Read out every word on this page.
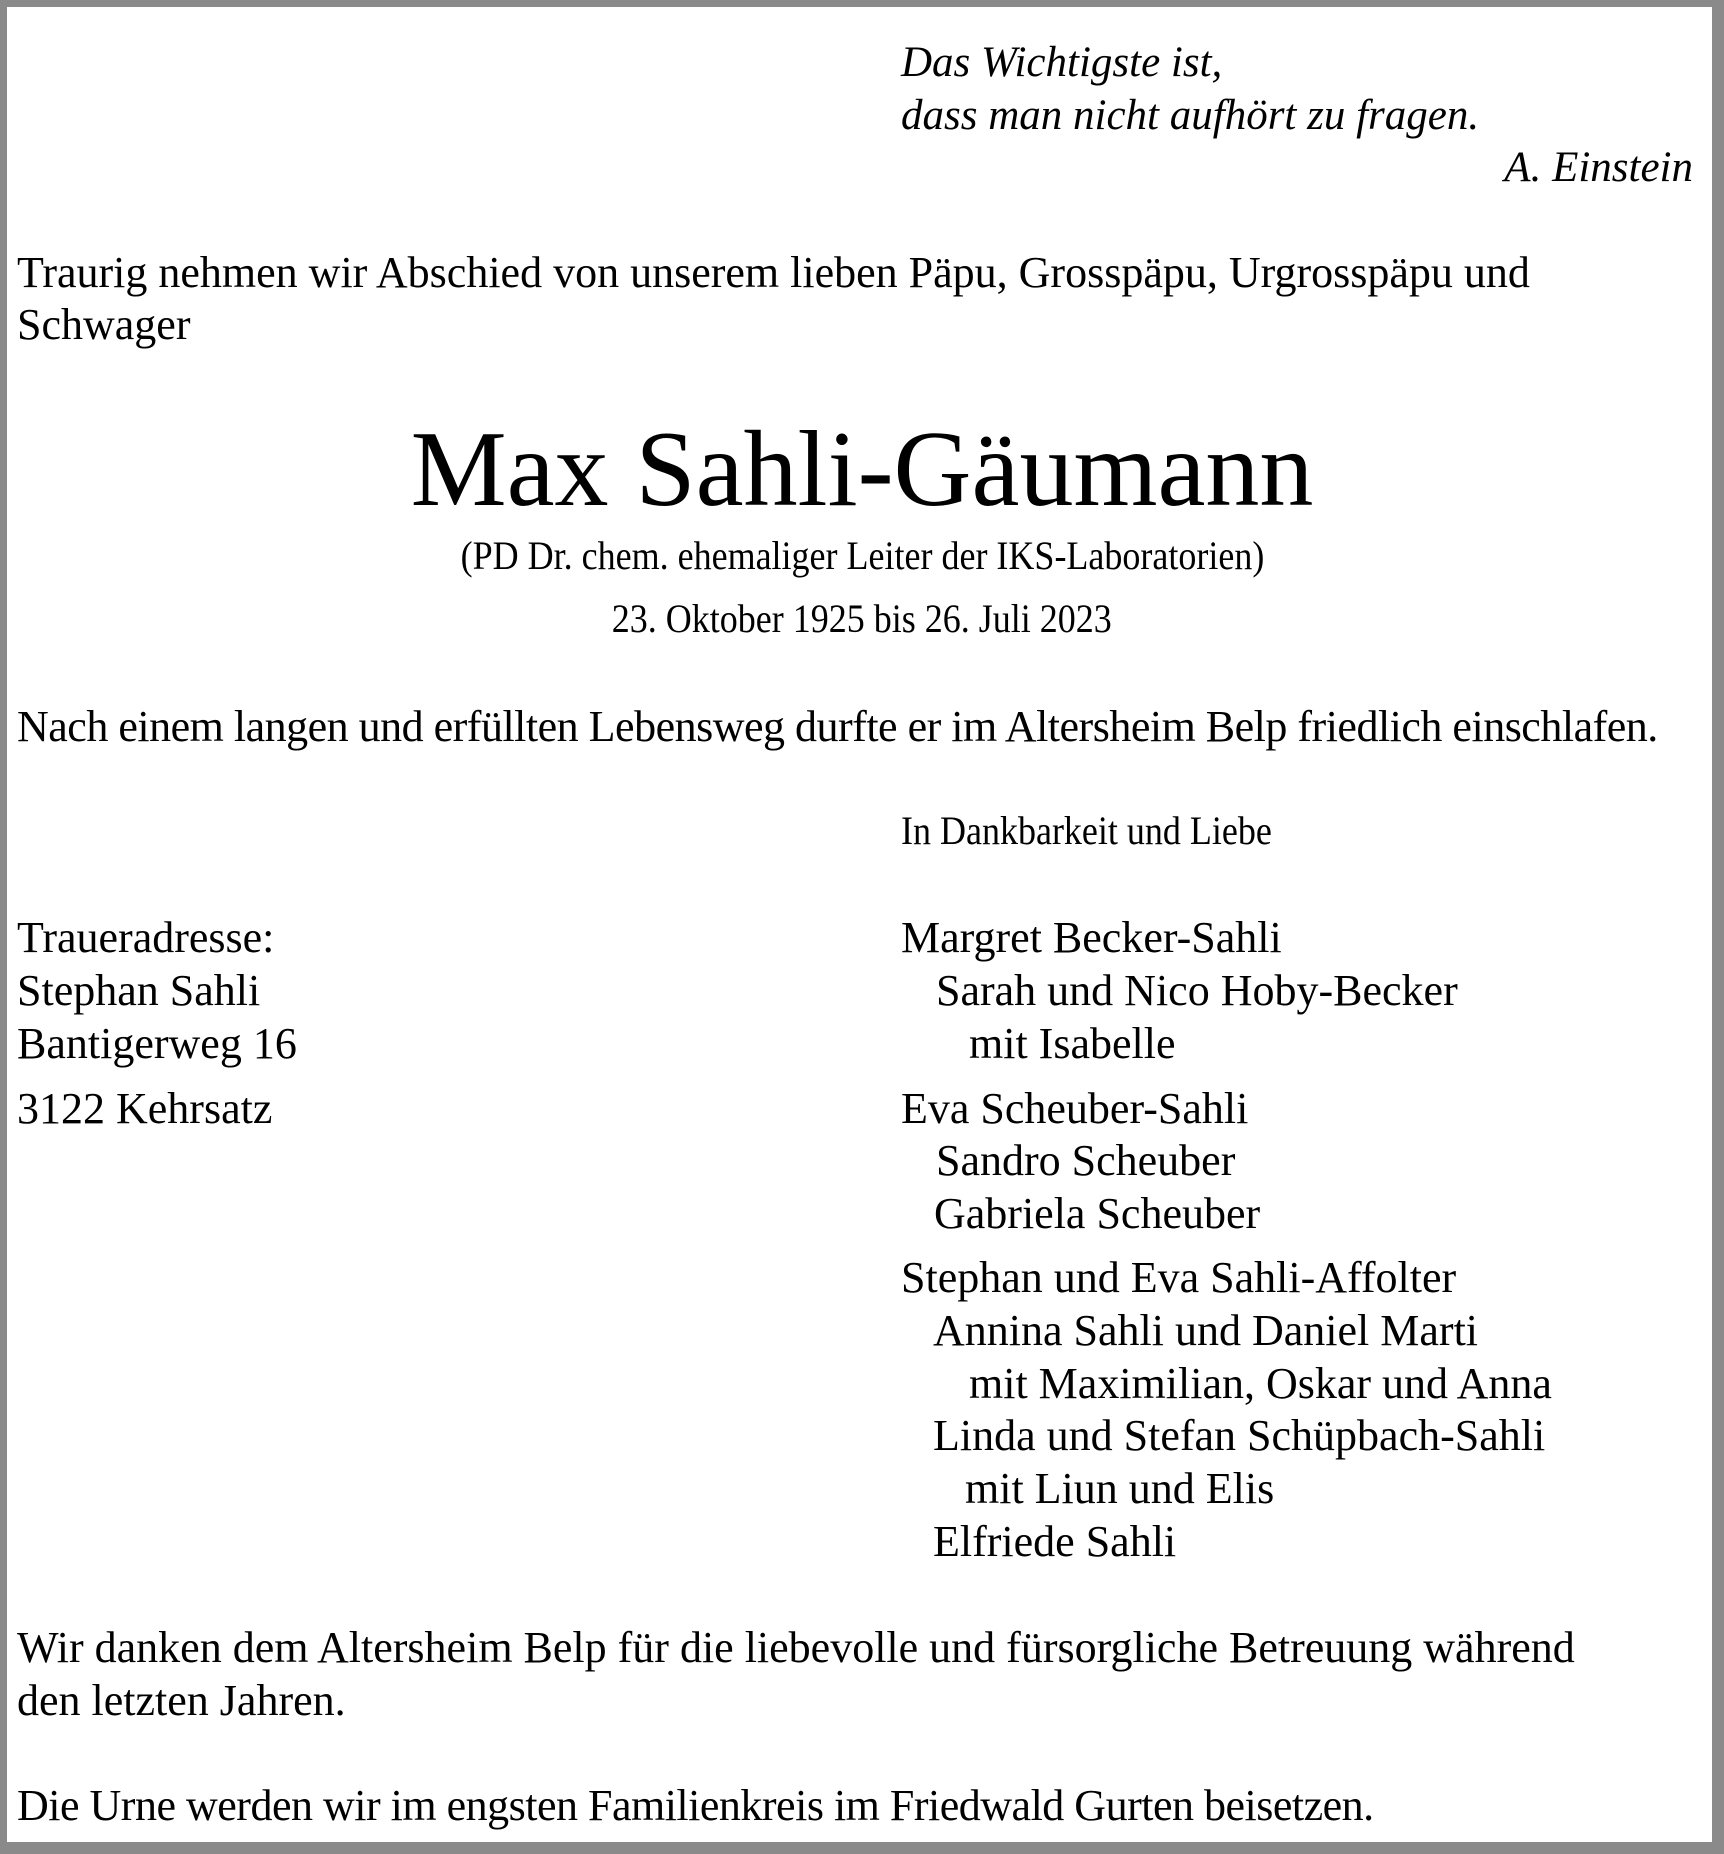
Das Wichtigste ist,
dass man nicht aufhört zu fragen.
A. Einstein
Traurig nehmen wir Abschied von unserem lieben Päpu, Grosspäpu, Urgrosspäpu und
Schwager
Max Sahli-Gäumann
(PD Dr. chem. ehemaliger Leiter der IKS-Laboratorien)
23. Oktober 1925 bis 26. Juli 2023
Nach einem langen und erfüllten Lebensweg durfte er im Altersheim Belp friedlich einschlafen.
In Dankbarkeit und Liebe
Traueradresse:
Stephan Sahli
Bantigerweg 16
3122 Kehrsatz
Margret Becker-Sahli
Sarah und Nico Hoby-Becker
mit Isabelle
Eva Scheuber-Sahli
Sandro Scheuber
Gabriela Scheuber
Stephan und Eva Sahli-Affolter
Annina Sahli und Daniel Marti
mit Maximilian, Oskar und Anna
Linda und Stefan Schüpbach-Sahli
mit Liun und Elis
Elfriede Sahli
Wir danken dem Altersheim Belp für die liebevolle und fürsorgliche Betreuung während
den letzten Jahren.
Die Urne werden wir im engsten Familienkreis im Friedwald Gurten beisetzen.
